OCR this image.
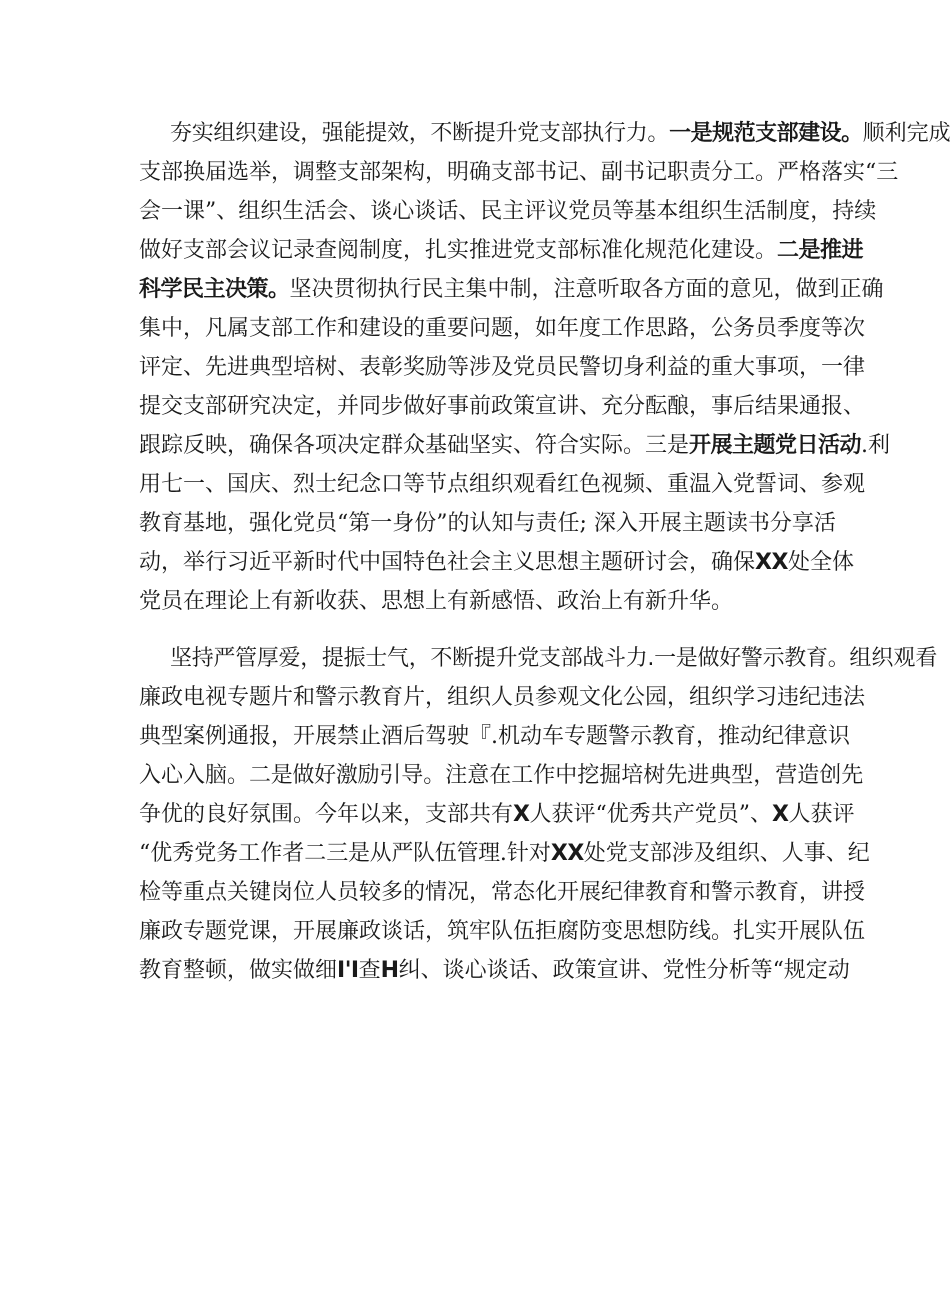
夯实组织建设，强能提效，不断提升党支部执行力。一是规范支部建设。顺利完成
支部换届选举，调整支部架构，明确支部书记、副书记职责分工。严格落实“三
会一课”、组织生活会、谈心谈话、民主评议党员等基本组织生活制度，持续
做好支部会议记录查阅制度，扎实推进党支部标准化规范化建设。二是推进
科学民主决策。坚决贯彻执行民主集中制，注意听取各方面的意见，做到正确
集中，凡属支部工作和建设的重要问题，如年度工作思路，公务员季度等次
评定、先进典型培树、表彰奖励等涉及党员民警切身利益的重大事项，一律
提交支部研究决定，并同步做好事前政策宣讲、充分酝酿，事后结果通报、
跟踪反映，确保各项决定群众基础坚实、符合实际。三是开展主题党日活动.利
用七一、国庆、烈士纪念口等节点组织观看红色视频、重温入党誓词、参观
教育基地，强化党员“第一身份”的认知与责任; 深入开展主题读书分享活
动，举行习近平新时代中国特色社会主义思想主题研讨会，确保XX处全体
党员在理论上有新收获、思想上有新感悟、政治上有新升华。
坚持严管厚爱，提振士气，不断提升党支部战斗力.一是做好警示教育。组织观看
廉政电视专题片和警示教育片，组织人员参观文化公园，组织学习违纪违法
典型案例通报，开展禁止酒后驾驶『.机动车专题警示教育，推动纪律意识
入心入脑。二是做好激励引导。注意在工作中挖掘培树先进典型，营造创先
争优的良好氛围。今年以来，支部共有X人获评“优秀共产党员”、X人获评
“优秀党务工作者二三是从严队伍管理.针对XX处党支部涉及组织、人事、纪
检等重点关键岗位人员较多的情况，常态化开展纪律教育和警示教育，讲授
廉政专题党课，开展廉政谈话，筑牢队伍拒腐防变思想防线。扎实开展队伍
教育整顿，做实做细I'I查H纠、谈心谈话、政策宣讲、党性分析等“规定动
